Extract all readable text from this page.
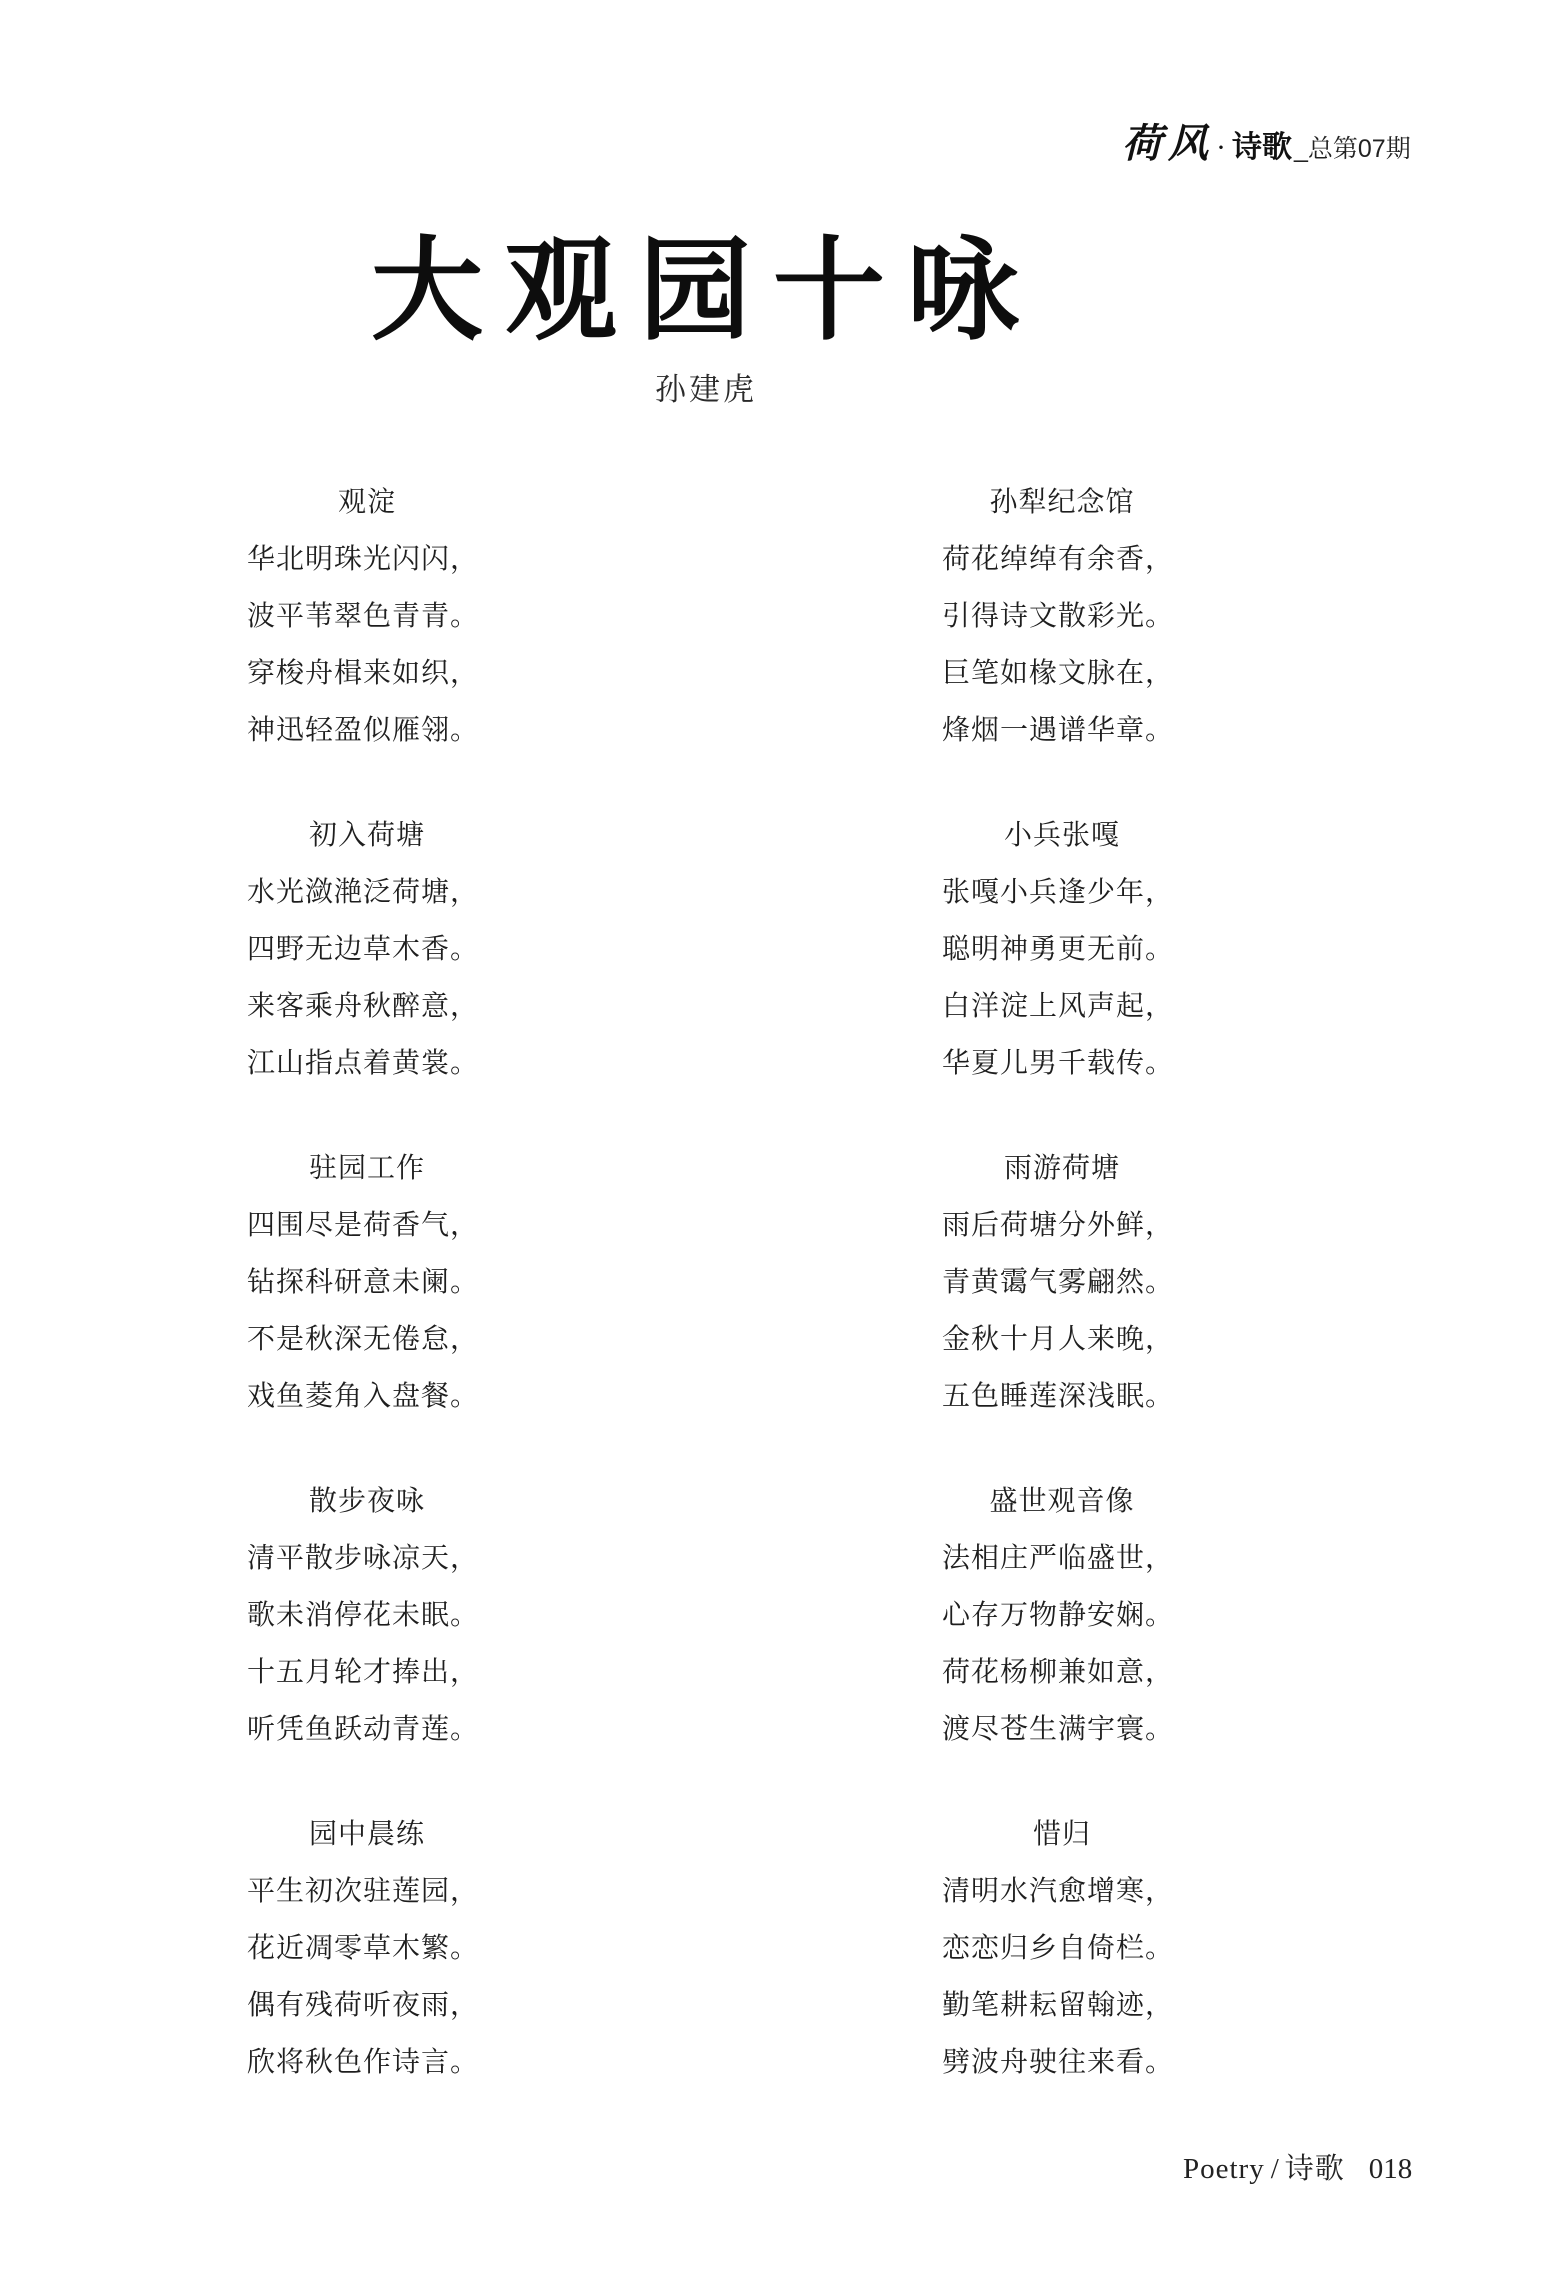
荷风 · 诗歌 _总第07期
大观园十咏
孙建虎
观淀

华北明珠光闪闪，

波平苇翠色青青。

穿梭舟楫来如织，

神迅轻盈似雁翎。

初入荷塘

水光潋滟泛荷塘，

四野无边草木香。

来客乘舟秋醉意，

江山指点着黄裳。

驻园工作

四围尽是荷香气，

钻探科研意未阑。

不是秋深无倦怠，

戏鱼菱角入盘餐。

散步夜咏

清平散步咏凉天，

歌未消停花未眠。

十五月轮才捧出，

听凭鱼跃动青莲。

园中晨练

平生初次驻莲园，

花近凋零草木繁。

偶有残荷听夜雨，

欣将秋色作诗言。

孙犁纪念馆

荷花绰绰有余香，

引得诗文散彩光。

巨笔如椽文脉在，

烽烟一遇谱华章。

小兵张嘎

张嘎小兵逢少年，

聪明神勇更无前。

白洋淀上风声起，

华夏儿男千载传。

雨游荷塘

雨后荷塘分外鲜，

青黄霭气雾翩然。

金秋十月人来晚，

五色睡莲深浅眠。

盛世观音像

法相庄严临盛世，

心存万物静安娴。

荷花杨柳兼如意，

渡尽苍生满宇寰。

惜归

清明水汽愈增寒，

恋恋归乡自倚栏。

勤笔耕耘留翰迹，

劈波舟驶往来看。

Poetry / 诗歌 018
